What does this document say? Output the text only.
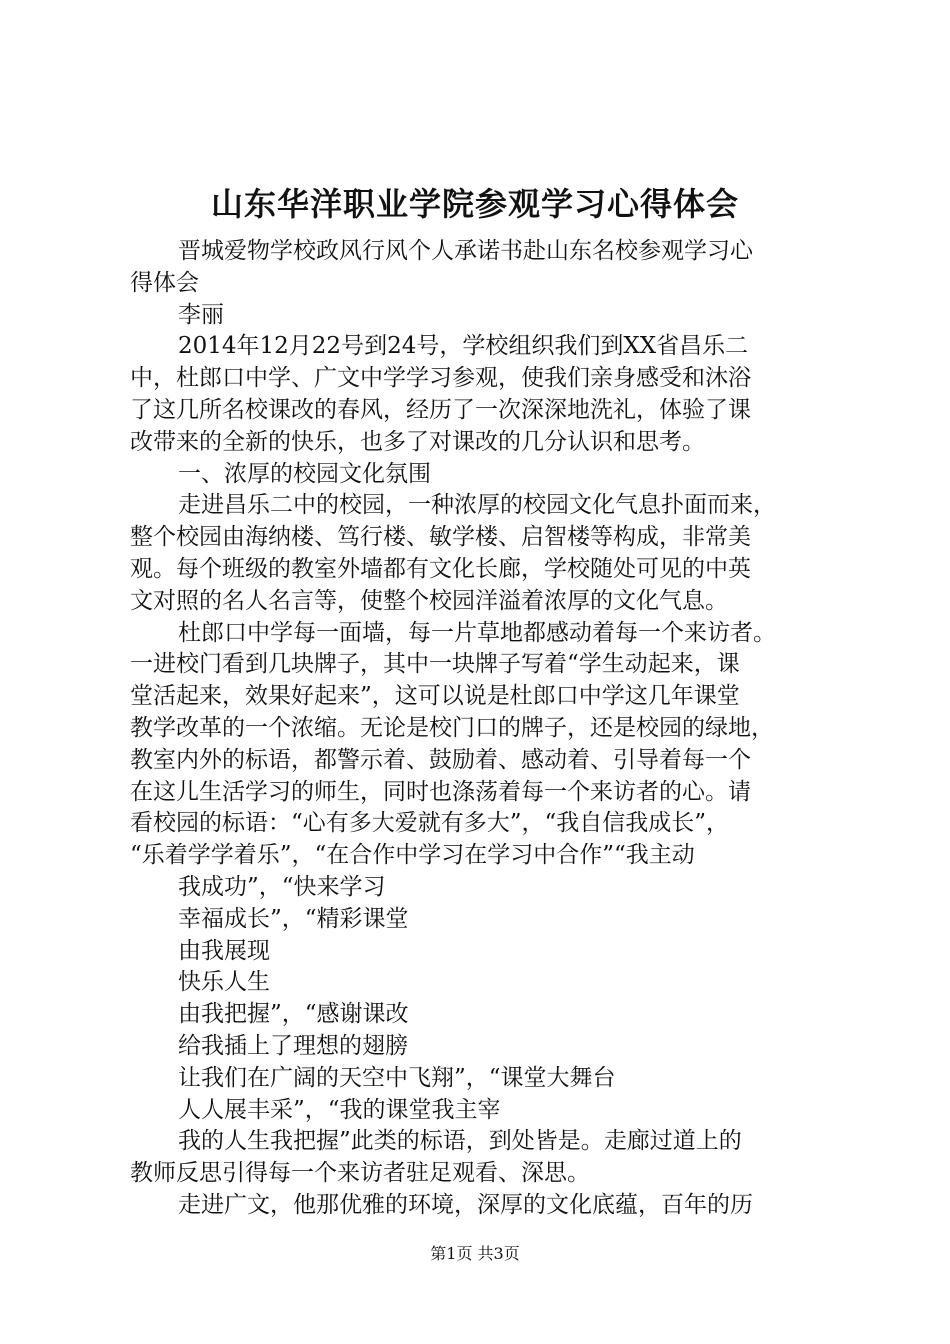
山东华洋职业学院参观学习心得体会
晋城爱物学校政风行风个人承诺书赴山东名校参观学习心
得体会
李丽
2014年12月22号到24号，学校组织我们到XX省昌乐二
中，杜郎口中学、广文中学学习参观，使我们亲身感受和沐浴
了这几所名校课改的春风，经历了一次深深地洗礼，体验了课
改带来的全新的快乐，也多了对课改的几分认识和思考。
一、浓厚的校园文化氛围
走进昌乐二中的校园，一种浓厚的校园文化气息扑面而来，
整个校园由海纳楼、笃行楼、敏学楼、启智楼等构成，非常美
观。每个班级的教室外墙都有文化长廊，学校随处可见的中英
文对照的名人名言等，使整个校园洋溢着浓厚的文化气息。
杜郎口中学每一面墙，每一片草地都感动着每一个来访者。
一进校门看到几块牌子，其中一块牌子写着“学生动起来，课
堂活起来，效果好起来”，这可以说是杜郎口中学这几年课堂
教学改革的一个浓缩。无论是校门口的牌子，还是校园的绿地，
教室内外的标语，都警示着、鼓励着、感动着、引导着每一个
在这儿生活学习的师生，同时也涤荡着每一个来访者的心。请
看校园的标语：“心有多大爱就有多大”，“我自信我成长”，
“乐着学学着乐”，“在合作中学习在学习中合作”“我主动
我成功”，“快来学习
幸福成长”，“精彩课堂
由我展现
快乐人生
由我把握”，“感谢课改
给我插上了理想的翅膀
让我们在广阔的天空中飞翔”，“课堂大舞台
人人展丰采”，“我的课堂我主宰
我的人生我把握”此类的标语，到处皆是。走廊过道上的
教师反思引得每一个来访者驻足观看、深思。
走进广文，他那优雅的环境，深厚的文化底蕴，百年的历
第1页 共3页
